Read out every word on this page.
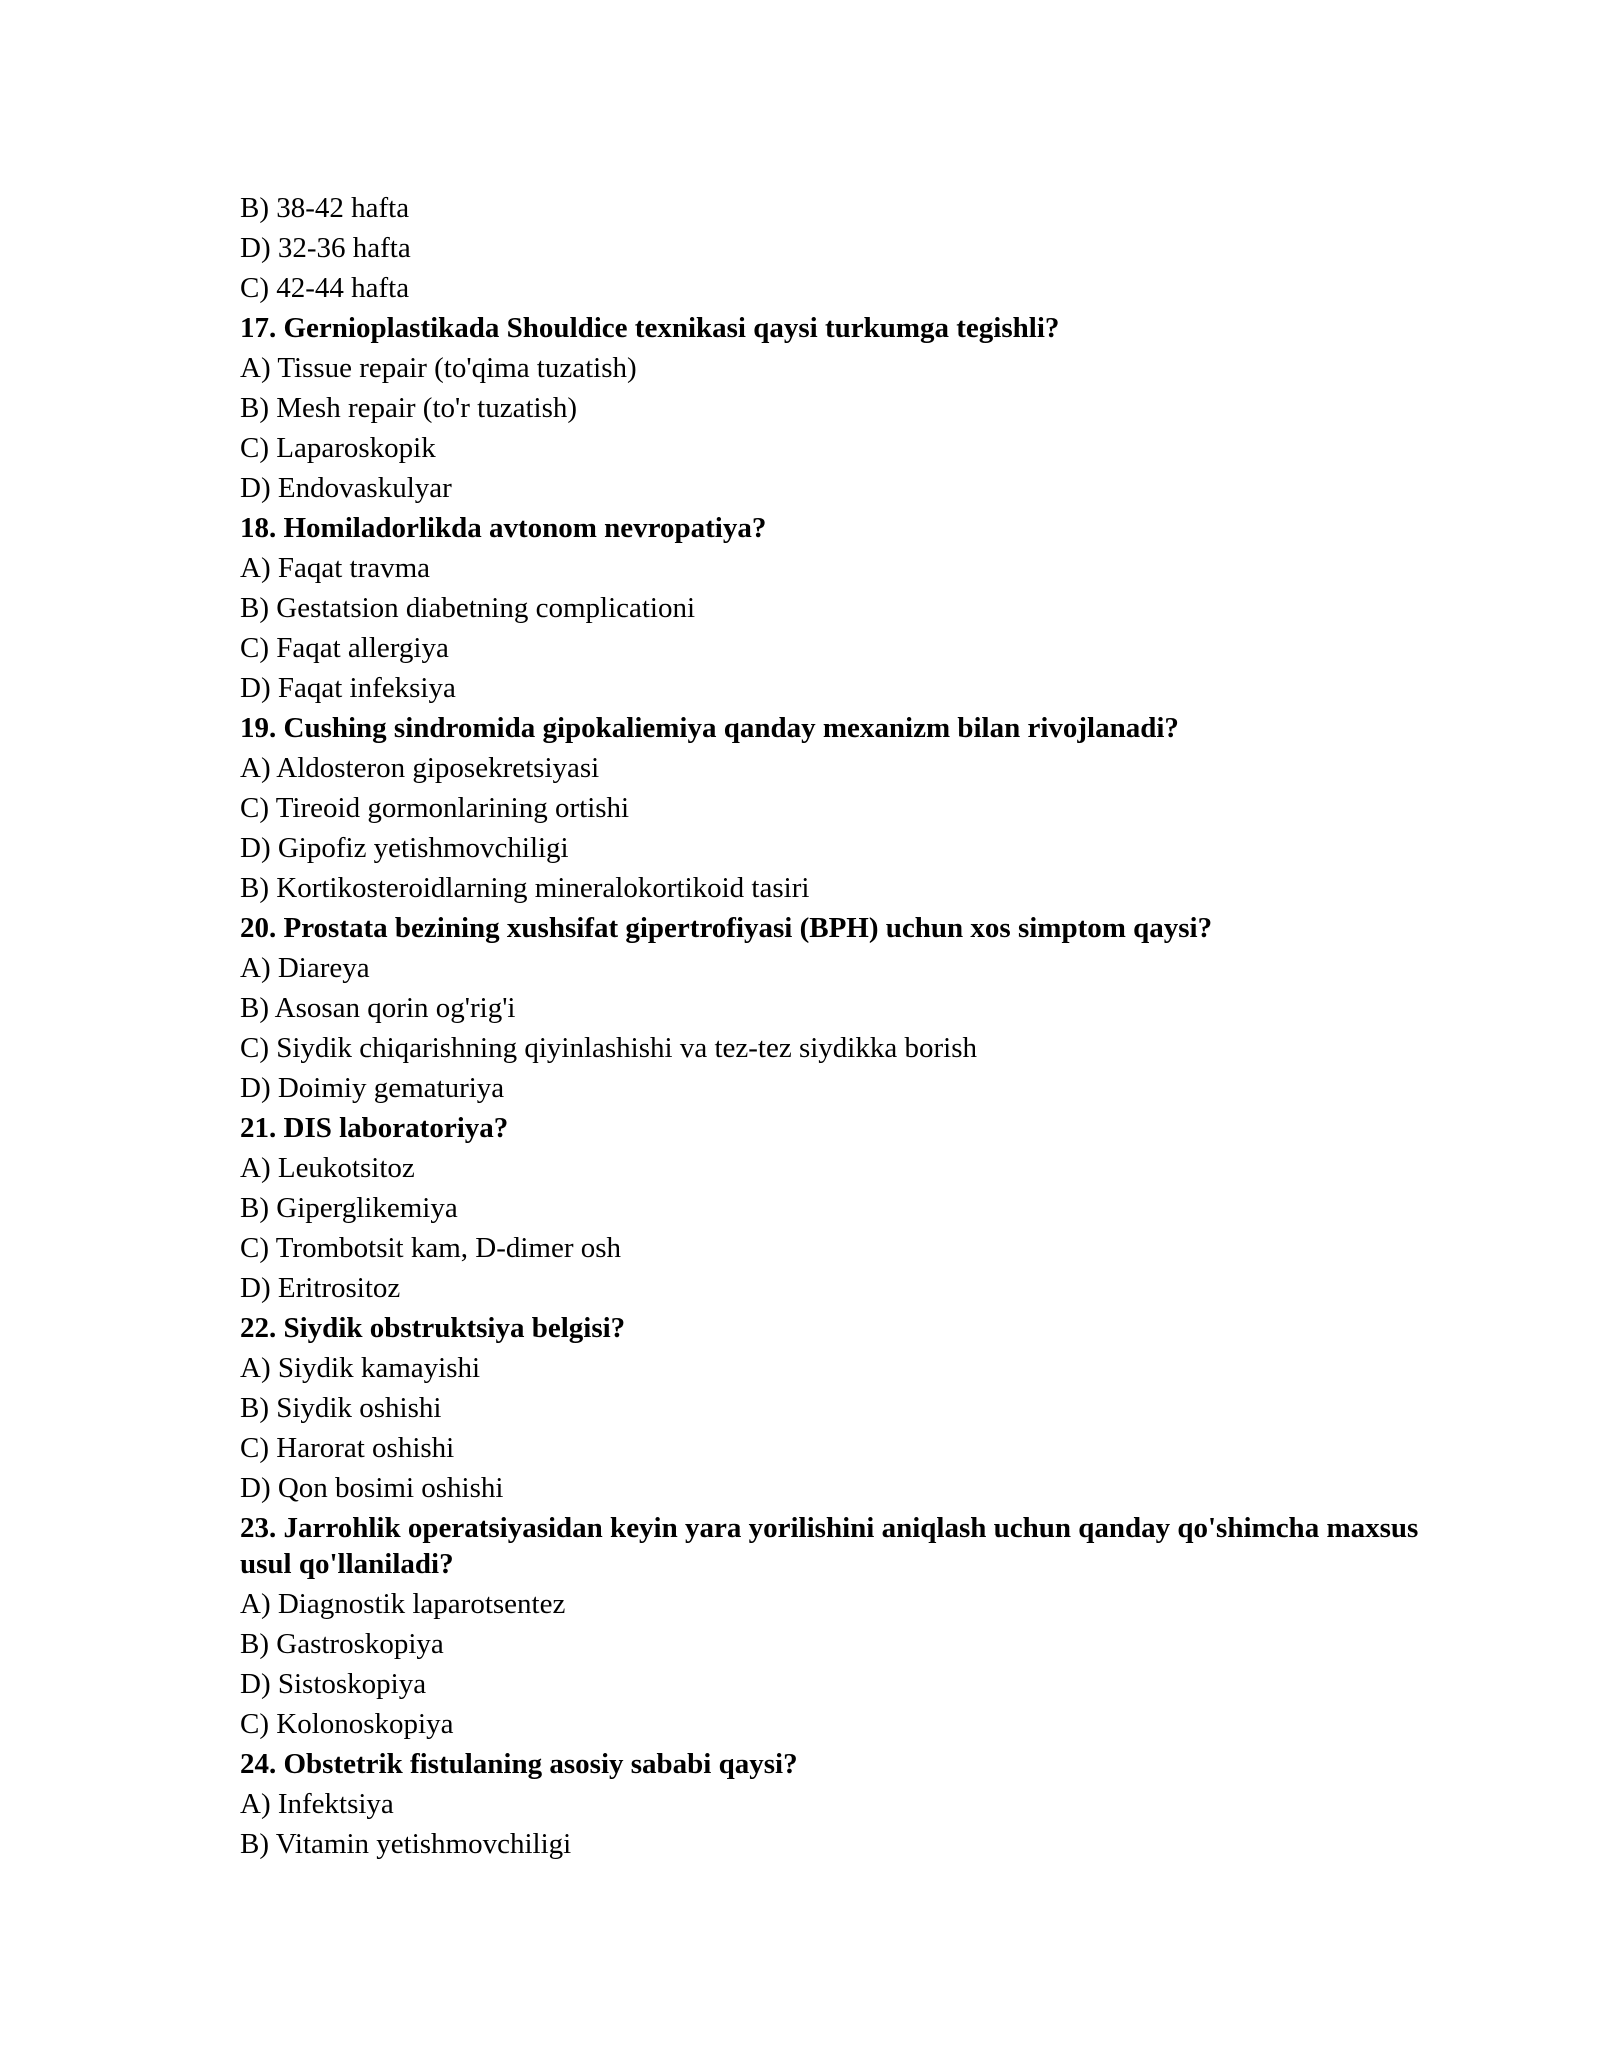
B) 38-42 hafta
D) 32-36 hafta
C) 42-44 hafta
17. Gernioplastikada Shouldice texnikasi qaysi turkumga tegishli?
A) Tissue repair (to'qima tuzatish)
B) Mesh repair (to'r tuzatish)
C) Laparoskopik
D) Endovaskulyar
18. Homiladorlikda avtonom nevropatiya?
A) Faqat travma
B) Gestatsion diabetning complicationi
C) Faqat allergiya
D) Faqat infeksiya
19. Cushing sindromida gipokaliemiya qanday mexanizm bilan rivojlanadi?
A) Aldosteron giposekretsiyasi
C) Tireoid gormonlarining ortishi
D) Gipofiz yetishmovchiligi
B) Kortikosteroidlarning mineralokortikoid tasiri
20. Prostata bezining xushsifat gipertrofiyasi (BPH) uchun xos simptom qaysi?
A) Diareya
B) Asosan qorin og'rig'i
C) Siydik chiqarishning qiyinlashishi va tez-tez siydikka borish
D) Doimiy gematuriya
21. DIS laboratoriya?
A) Leukotsitoz
B) Giperglikemiya
C) Trombotsit kam, D-dimer osh
D) Eritrositoz
22. Siydik obstruktsiya belgisi?
A) Siydik kamayishi
B) Siydik oshishi
C) Harorat oshishi
D) Qon bosimi oshishi
23. Jarrohlik operatsiyasidan keyin yara yorilishini aniqlash uchun qanday qo'shimcha maxsus usul qo'llaniladi?
A) Diagnostik laparotsentez
B) Gastroskopiya
D) Sistoskopiya
C) Kolonoskopiya
24. Obstetrik fistulaning asosiy sababi qaysi?
A) Infektsiya
B) Vitamin yetishmovchiligi
